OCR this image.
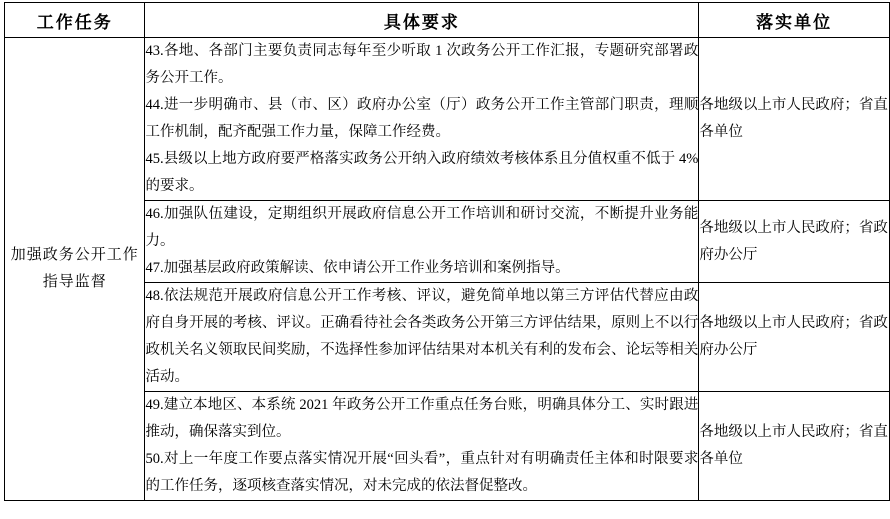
工作任务	具体要求	落实单位

加强政务公开工作指导监督	43.各地、各部门主要负责同志每年至少听取 1 次政务公开工作汇报，专题研究部署政务公开工作。

44.进一步明确市、县（市、区）政府办公室（厅）政务公开工作主管部门职责，理顺工作机制，配齐配强工作力量，保障工作经费。

45.县级以上地方政府要严格落实政务公开纳入政府绩效考核体系且分值权重不低于 4%的要求。	各地级以上市人民政府；省直各单位

	46.加强队伍建设，定期组织开展政府信息公开工作培训和研讨交流，不断提升业务能力。

47.加强基层政府政策解读、依申请公开工作业务培训和案例指导。	各地级以上市人民政府；省政府办公厅

	48.依法规范开展政府信息公开工作考核、评议，避免简单地以第三方评估代替应由政府自身开展的考核、评议。正确看待社会各类政务公开第三方评估结果，原则上不以行政机关名义领取民间奖励，不选择性参加评估结果对本机关有利的发布会、论坛等相关活动。	各地级以上市人民政府；省政府办公厅

	49.建立本地区、本系统 2021 年政务公开工作重点任务台账，明确具体分工、实时跟进推动，确保落实到位。

50.对上一年度工作要点落实情况开展“回头看”，重点针对有明确责任主体和时限要求的工作任务，逐项核查落实情况，对未完成的依法督促整改。	各地级以上市人民政府；省直各单位
